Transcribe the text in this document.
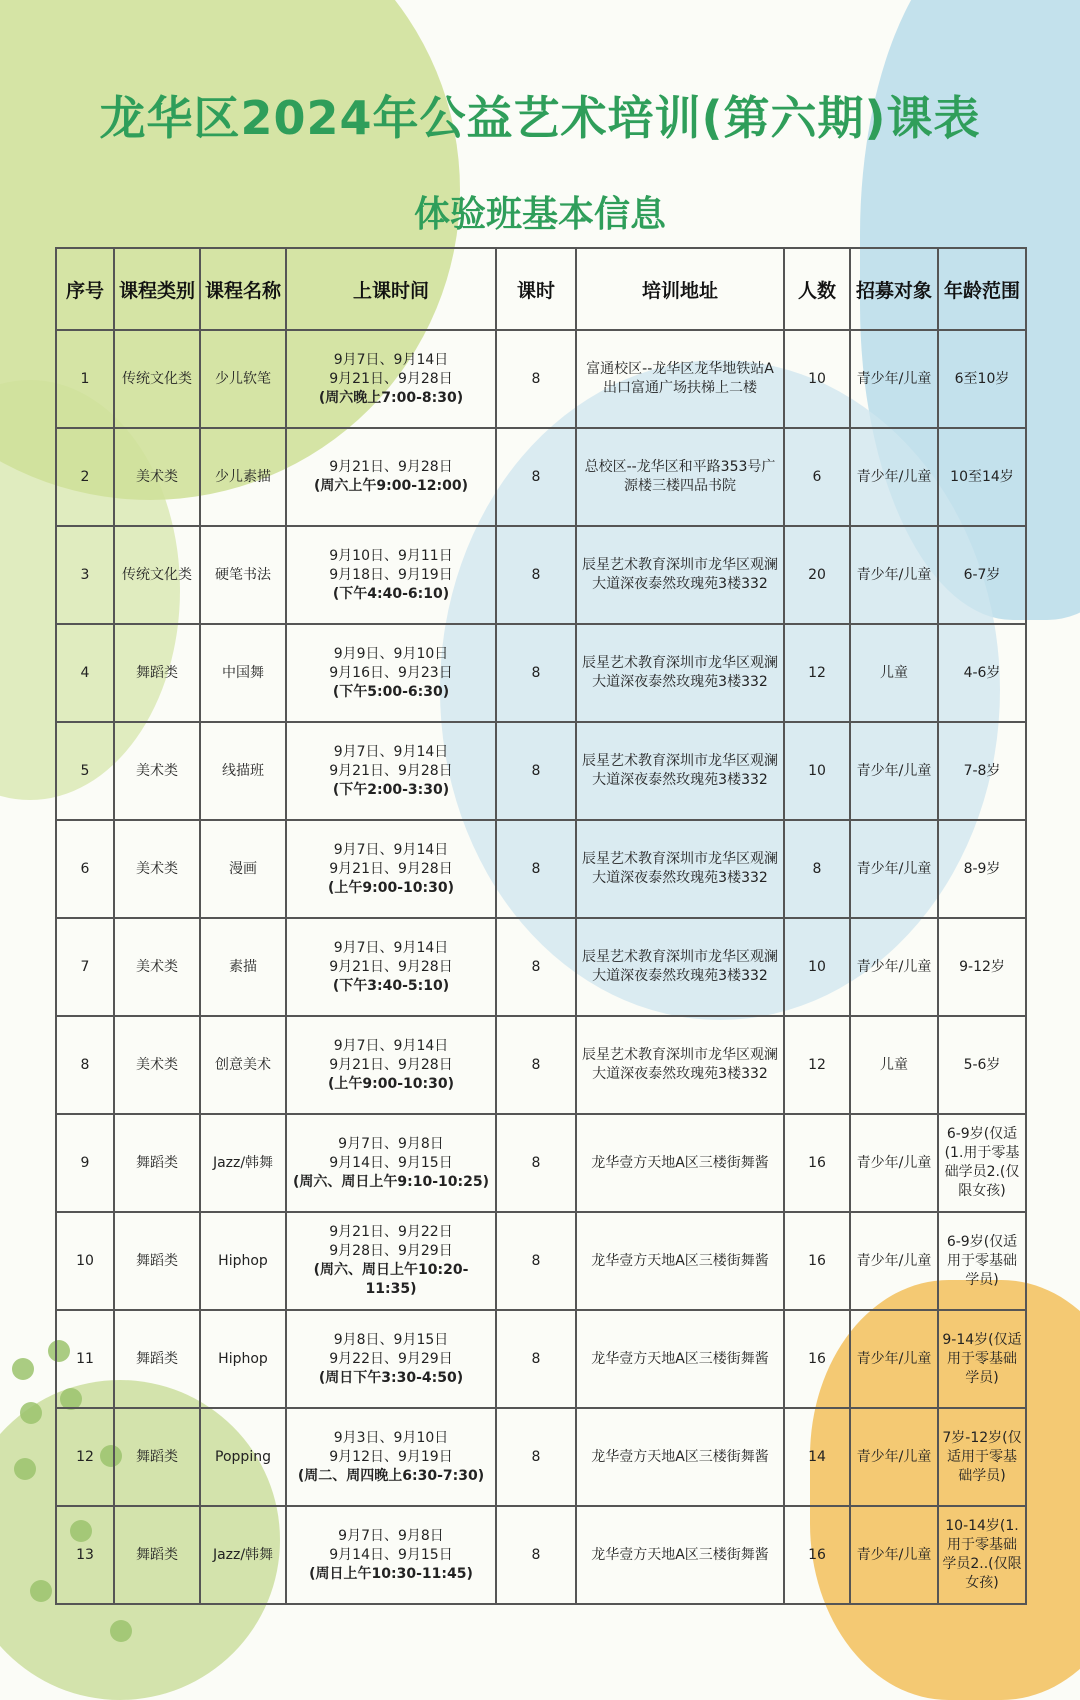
龙华区2024年公益艺术培训(第六期)课表
体验班基本信息
序号	课程类别	课程名称	上课时间	课时	培训地址	人数	招募对象	年龄范围
1	传统文化类	少儿软笔	9月7日、9月14日
9月21日、9月28日
(周六晚上7:00-8:30)	8	富通校区--龙华区龙华地铁站A出口富通广场扶梯上二楼	10	青少年/儿童	6至10岁
2	美术类	少儿素描	9月21日、9月28日
(周六上午9:00-12:00)	8	总校区--龙华区和平路353号广源楼三楼四品书院	6	青少年/儿童	10至14岁
3	传统文化类	硬笔书法	9月10日、9月11日
9月18日、9月19日
(下午4:40-6:10)	8	辰星艺术教育深圳市龙华区观澜大道深夜泰然玫瑰苑3楼332	20	青少年/儿童	6-7岁
4	舞蹈类	中国舞	9月9日、9月10日
9月16日、9月23日
(下午5:00-6:30)	8	辰星艺术教育深圳市龙华区观澜大道深夜泰然玫瑰苑3楼332	12	儿童	4-6岁
5	美术类	线描班	9月7日、9月14日
9月21日、9月28日
(下午2:00-3:30)	8	辰星艺术教育深圳市龙华区观澜大道深夜泰然玫瑰苑3楼332	10	青少年/儿童	7-8岁
6	美术类	漫画	9月7日、9月14日
9月21日、9月28日
(上午9:00-10:30)	8	辰星艺术教育深圳市龙华区观澜大道深夜泰然玫瑰苑3楼332	8	青少年/儿童	8-9岁
7	美术类	素描	9月7日、9月14日
9月21日、9月28日
(下午3:40-5:10)	8	辰星艺术教育深圳市龙华区观澜大道深夜泰然玫瑰苑3楼332	10	青少年/儿童	9-12岁
8	美术类	创意美术	9月7日、9月14日
9月21日、9月28日
(上午9:00-10:30)	8	辰星艺术教育深圳市龙华区观澜大道深夜泰然玫瑰苑3楼332	12	儿童	5-6岁
9	舞蹈类	Jazz/韩舞	9月7日、9月8日
9月14日、9月15日
(周六、周日上午9:10-10:25)	8	龙华壹方天地A区三楼街舞酱	16	青少年/儿童	6-9岁(仅适(1.用于零基础学员2.(仅限女孩)
10	舞蹈类	Hiphop	9月21日、9月22日
9月28日、9月29日
(周六、周日上午10:20-11:35)	8	龙华壹方天地A区三楼街舞酱	16	青少年/儿童	6-9岁(仅适用于零基础学员)
11	舞蹈类	Hiphop	9月8日、9月15日
9月22日、9月29日
(周日下午3:30-4:50)	8	龙华壹方天地A区三楼街舞酱	16	青少年/儿童	9-14岁(仅适用于零基础学员)
12	舞蹈类	Popping	9月3日、9月10日
9月12日、9月19日
(周二、周四晚上6:30-7:30)	8	龙华壹方天地A区三楼街舞酱	14	青少年/儿童	7岁-12岁(仅适用于零基础学员)
13	舞蹈类	Jazz/韩舞	9月7日、9月8日
9月14日、9月15日
(周日上午10:30-11:45)	8	龙华壹方天地A区三楼街舞酱	16	青少年/儿童	10-14岁(1.用于零基础学员2..(仅限女孩)
